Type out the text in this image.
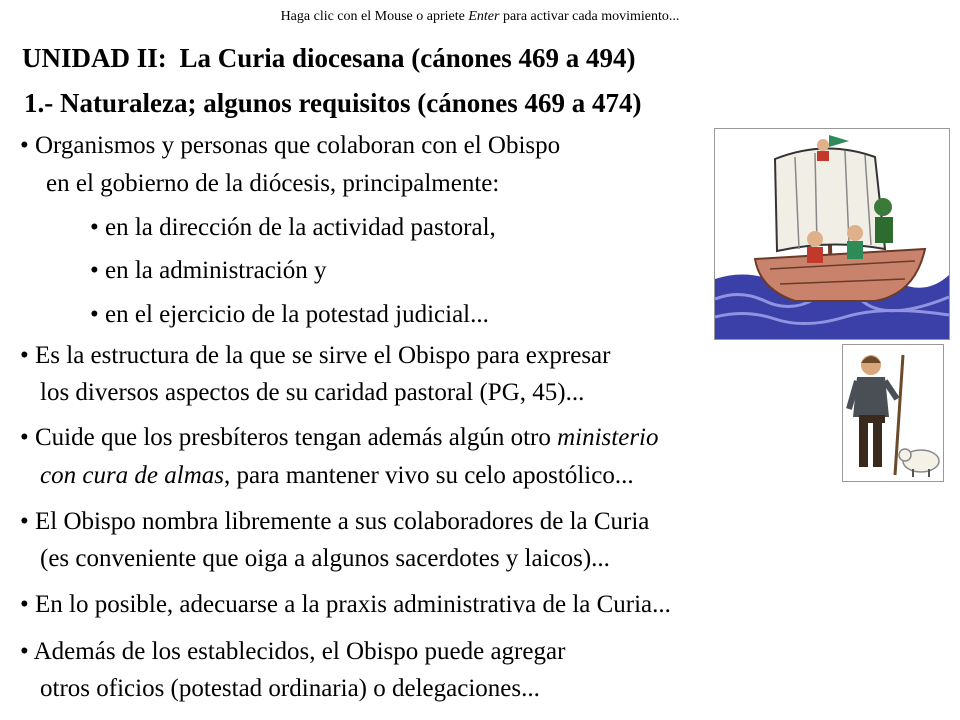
Haga clic con el Mouse o apriete Enter para activar cada movimiento...
UNIDAD II: La Curia diocesana (cánones 469 a 494)
1.- Naturaleza; algunos requisitos (cánones 469 a 474)
• Organismos y personas que colaboran con el Obispo
en el gobierno de la diócesis, principalmente:
• en la dirección de la actividad pastoral,
• en la administración y
• en el ejercicio de la potestad judicial...
• Es la estructura de la que se sirve el Obispo para expresar
los diversos aspectos de su caridad pastoral (PG, 45)...
• Cuide que los presbíteros tengan además algún otro ministerio
con cura de almas, para mantener vivo su celo apostólico...
• El Obispo nombra libremente a sus colaboradores de la Curia
(es conveniente que oiga a algunos sacerdotes y laicos)...
• En lo posible, adecuarse a la praxis administrativa de la Curia...
• Además de los establecidos, el Obispo puede agregar
otros oficios (potestad ordinaria) o delegaciones...
